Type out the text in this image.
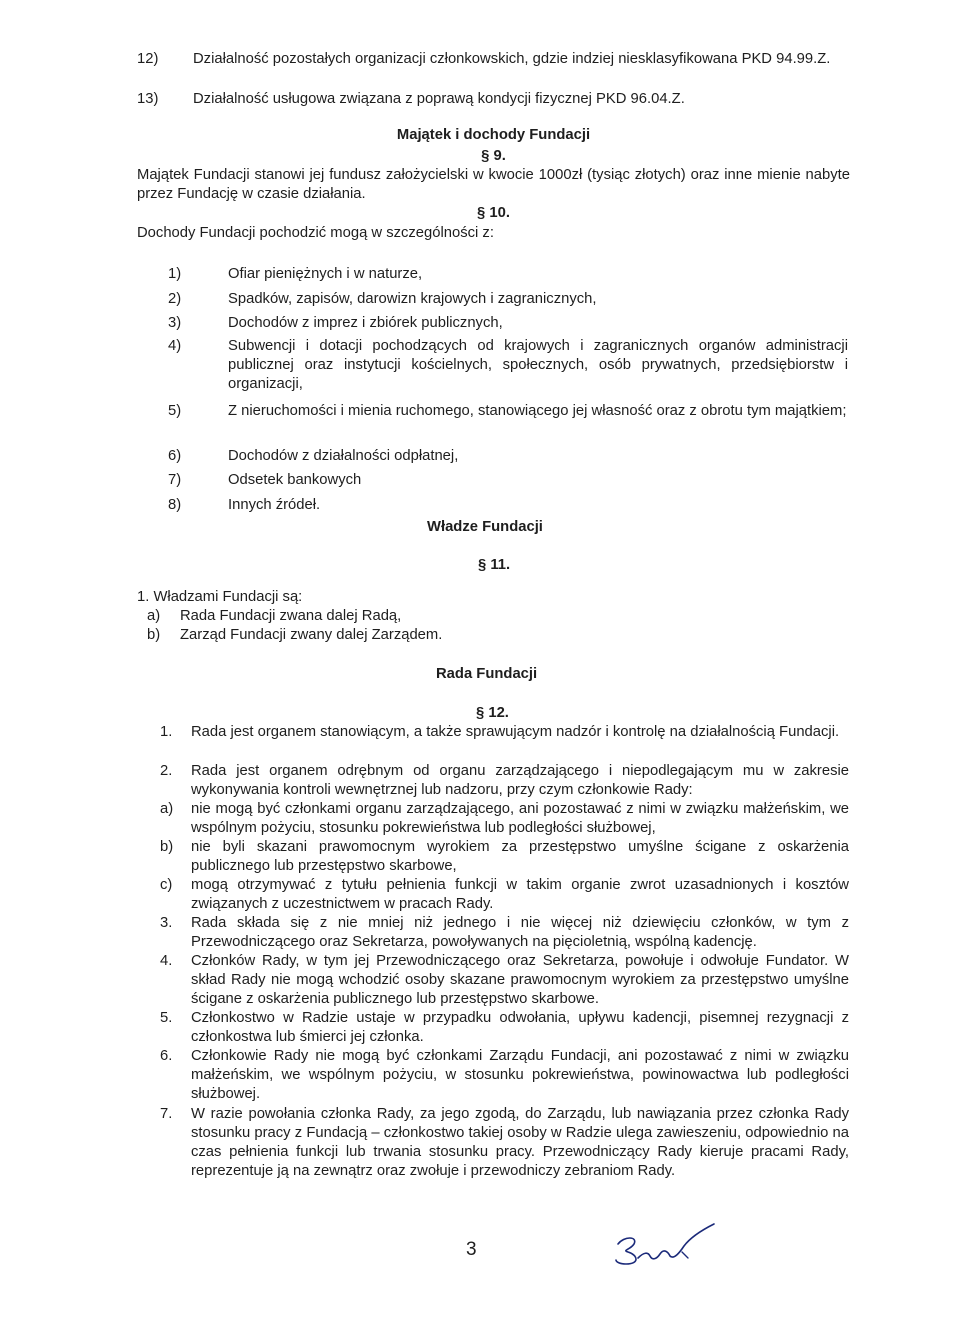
12)	Działalność pozostałych organizacji członkowskich, gdzie indziej niesklasyfikowana PKD 94.99.Z.
13) Działalność usługowa związana z poprawą kondycji fizycznej PKD 96.04.Z.
Majątek i dochody Fundacji
§ 9.
Majątek Fundacji stanowi jej fundusz założycielski w kwocie 1000zł (tysiąc złotych) oraz inne mienie nabyte przez Fundację w czasie działania.
§ 10.
Dochody Fundacji pochodzić mogą w szczególności z:
1)	Ofiar pieniężnych i w naturze,
2)	Spadków, zapisów, darowizn krajowych i zagranicznych,
3)	Dochodów z imprez i zbiórek publicznych,
4)	Subwencji i dotacji pochodzących od krajowych i zagranicznych organów administracji publicznej oraz instytucji kościelnych, społecznych, osób prywatnych, przedsiębiorstw i organizacji,
5)	Z nieruchomości i mienia ruchomego, stanowiącego jej własność oraz z obrotu tym majątkiem;
6)	Dochodów z działalności odpłatnej,
7)	Odsetek bankowych
8)	Innych źródeł.
Władze Fundacji
§ 11.
1. Władzami Fundacji są:
a) Rada Fundacji zwana dalej Radą,
b) Zarząd Fundacji zwany dalej Zarządem.
Rada Fundacji
§ 12.
1. Rada jest organem stanowiącym, a także sprawującym nadzór i kontrolę na działalnością Fundacji.
2. Rada jest organem odrębnym od organu zarządzającego i niepodlegającym mu w zakresie wykonywania kontroli wewnętrznej lub nadzoru, przy czym członkowie Rady:
a) nie mogą być członkami organu zarządzającego, ani pozostawać z nimi w związku małżeńskim, we wspólnym pożyciu, stosunku pokrewieństwa lub podległości służbowej,
b) nie byli skazani prawomocnym wyrokiem za przestępstwo umyślne ścigane z oskarżenia publicznego lub przestępstwo skarbowe,
c) mogą otrzymywać z tytułu pełnienia funkcji w takim organie zwrot uzasadnionych i kosztów związanych z uczestnictwem w pracach Rady.
3. Rada składa się z nie mniej niż jednego i nie więcej niż dziewięciu członków, w tym z Przewodniczącego oraz Sekretarza, powoływanych na pięcioletnią, wspólną kadencję.
4. Członków Rady, w tym jej Przewodniczącego oraz Sekretarza, powołuje i odwołuje Fundator. W skład Rady nie mogą wchodzić osoby skazane prawomocnym wyrokiem za przestępstwo umyślne ścigane z oskarżenia publicznego lub przestępstwo skarbowe.
5. Członkostwo w Radzie ustaje w przypadku odwołania, upływu kadencji, pisemnej rezygnacji z członkostwa lub śmierci jej członka.
6. Członkowie Rady nie mogą być członkami Zarządu Fundacji, ani pozostawać z nimi w związku małżeńskim, we wspólnym pożyciu, w stosunku pokrewieństwa, powinowactwa lub podległości służbowej.
7. W razie powołania członka Rady, za jego zgodą, do Zarządu, lub nawiązania przez członka Rady stosunku pracy z Fundacją – członkostwo takiej osoby w Radzie ulega zawieszeniu, odpowiednio na czas pełnienia funkcji lub trwania stosunku pracy. Przewodniczący Rady kieruje pracami Rady, reprezentuje ją na zewnątrz oraz zwołuje i przewodniczy zebraniom Rady.
3
